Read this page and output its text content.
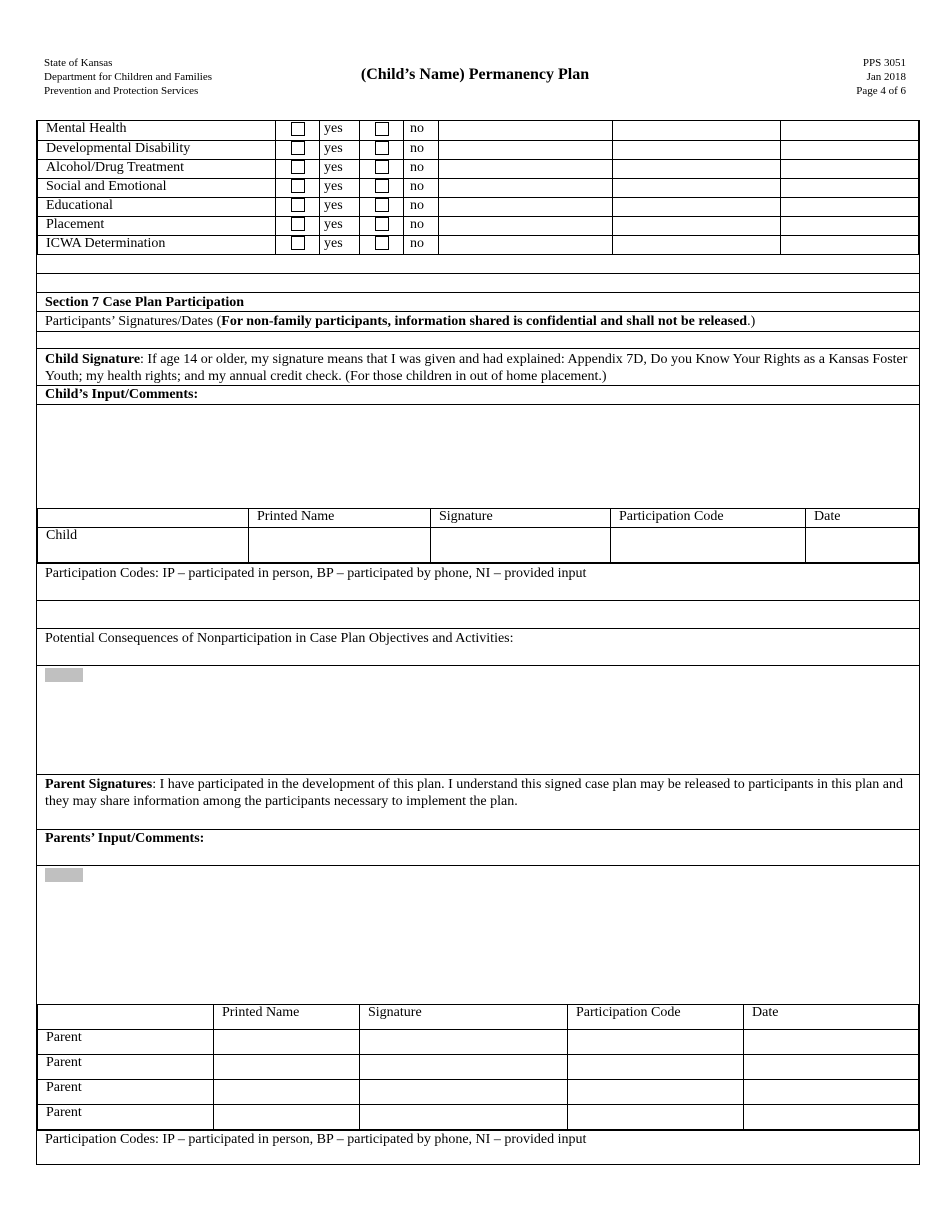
State of Kansas
Department for Children and Families
Prevention and Protection Services
(Child’s Name) Permanency Plan
PPS 3051
Jan 2018
Page 4 of 6
Mental Health		yes		no			
Developmental Disability		yes		no			
Alcohol/Drug Treatment		yes		no			
Social and Emotional		yes		no			
Educational		yes		no			
Placement		yes		no			
ICWA Determination		yes		no			
Section 7 Case Plan Participation
Participants’ Signatures/Dates (For non-family participants, information shared is confidential and shall not be released.)
Child Signature: If age 14 or older, my signature means that I was given and had explained: Appendix 7D, Do you Know Your Rights as a Kansas Foster Youth; my health rights; and my annual credit check. (For those children in out of home placement.)
Child’s Input/Comments:
	Printed Name	Signature	Participation Code	Date
Child				
Participation Codes: IP – participated in person, BP – participated by phone, NI – provided input
Potential Consequences of Nonparticipation in Case Plan Objectives and Activities:
Parent Signatures: I have participated in the development of this plan. I understand this signed case plan may be released to participants in this plan and they may share information among the participants necessary to implement the plan.
Parents’ Input/Comments:
	Printed Name	Signature	Participation Code	Date
Parent				
Parent				
Parent				
Parent				
Participation Codes: IP – participated in person, BP – participated by phone, NI – provided input
